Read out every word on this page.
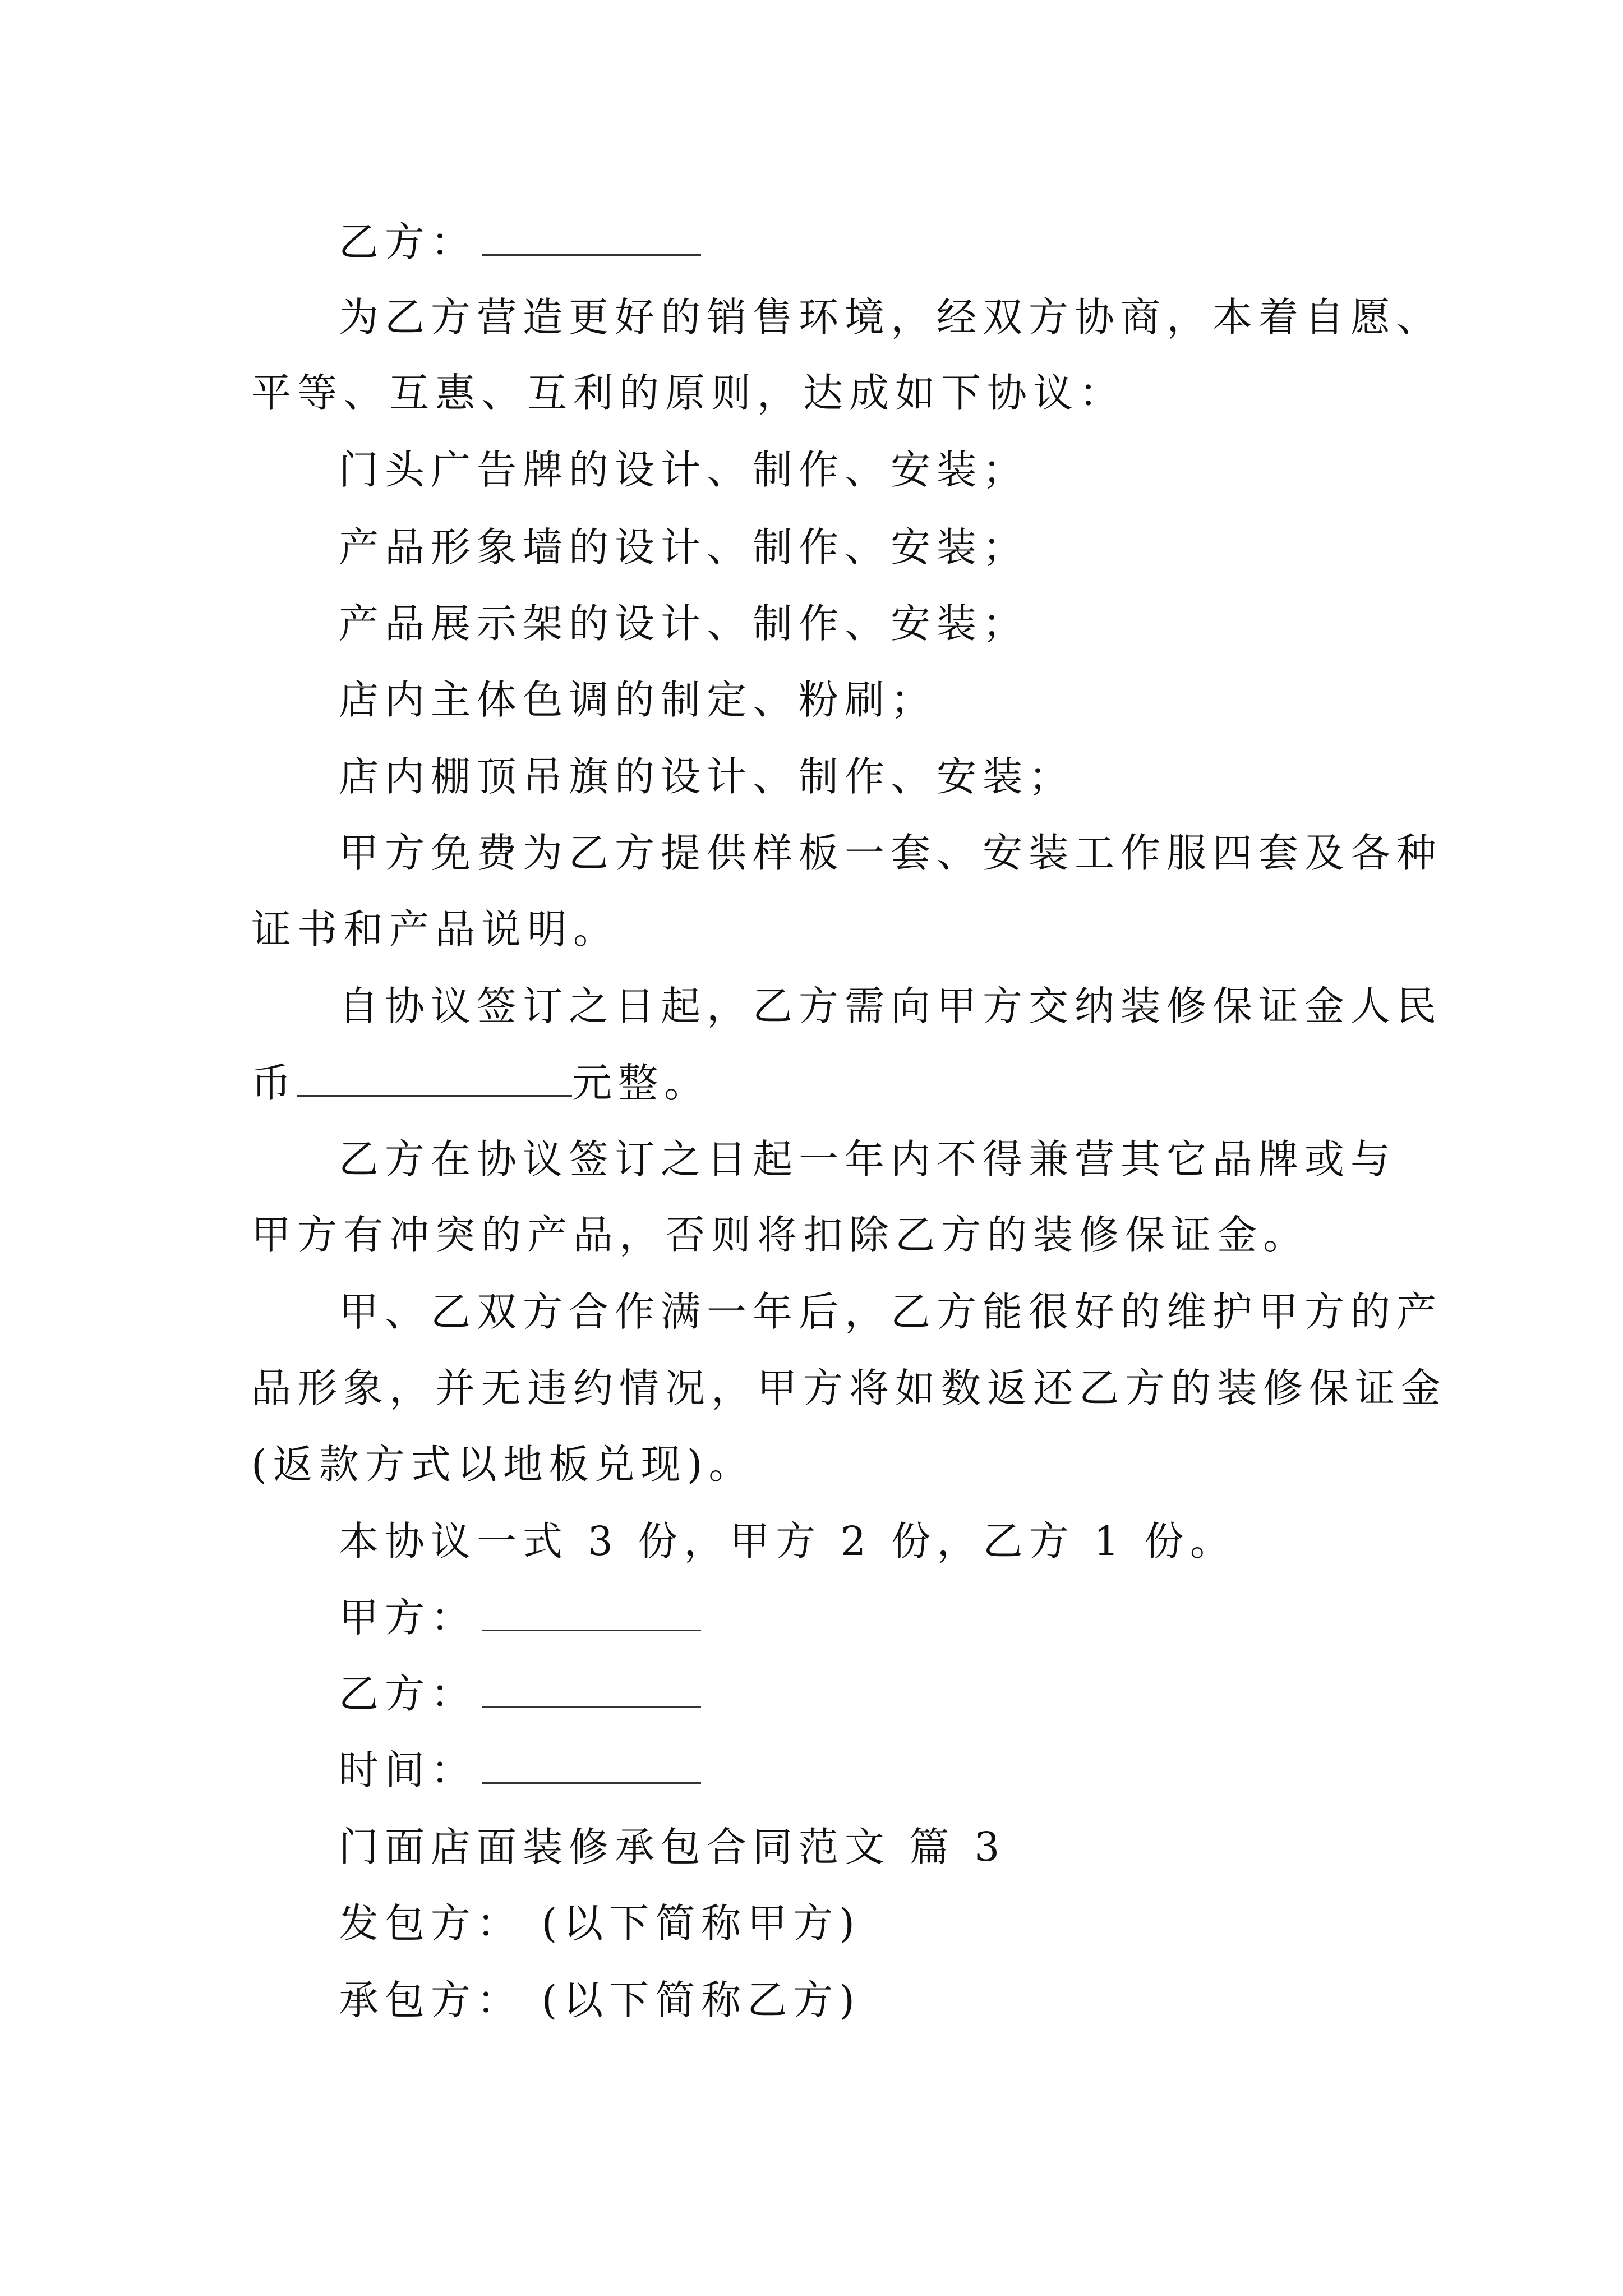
乙方：
为乙方营造更好的销售环境，经双方协商，本着自愿、
平等、互惠、互利的原则，达成如下协议：
门头广告牌的设计、制作、安装；
产品形象墙的设计、制作、安装；
产品展示架的设计、制作、安装；
店内主体色调的制定、粉刷；
店内棚顶吊旗的设计、制作、安装；
甲方免费为乙方提供样板一套、安装工作服四套及各种
证书和产品说明。
自协议签订之日起，乙方需向甲方交纳装修保证金人民
币	元整。
乙方在协议签订之日起一年内不得兼营其它品牌或与
甲方有冲突的产品，否则将扣除乙方的装修保证金。
甲、乙双方合作满一年后，乙方能很好的维护甲方的产
品形象，并无违约情况，甲方将如数返还乙方的装修保证金
(返款方式以地板兑现)。
本协议一式 3 份，甲方 2 份，乙方 1 份。
甲方：
乙方：
时间：
门面店面装修承包合同范文 篇 3
发包方： (以下简称甲方)
承包方： (以下简称乙方)
